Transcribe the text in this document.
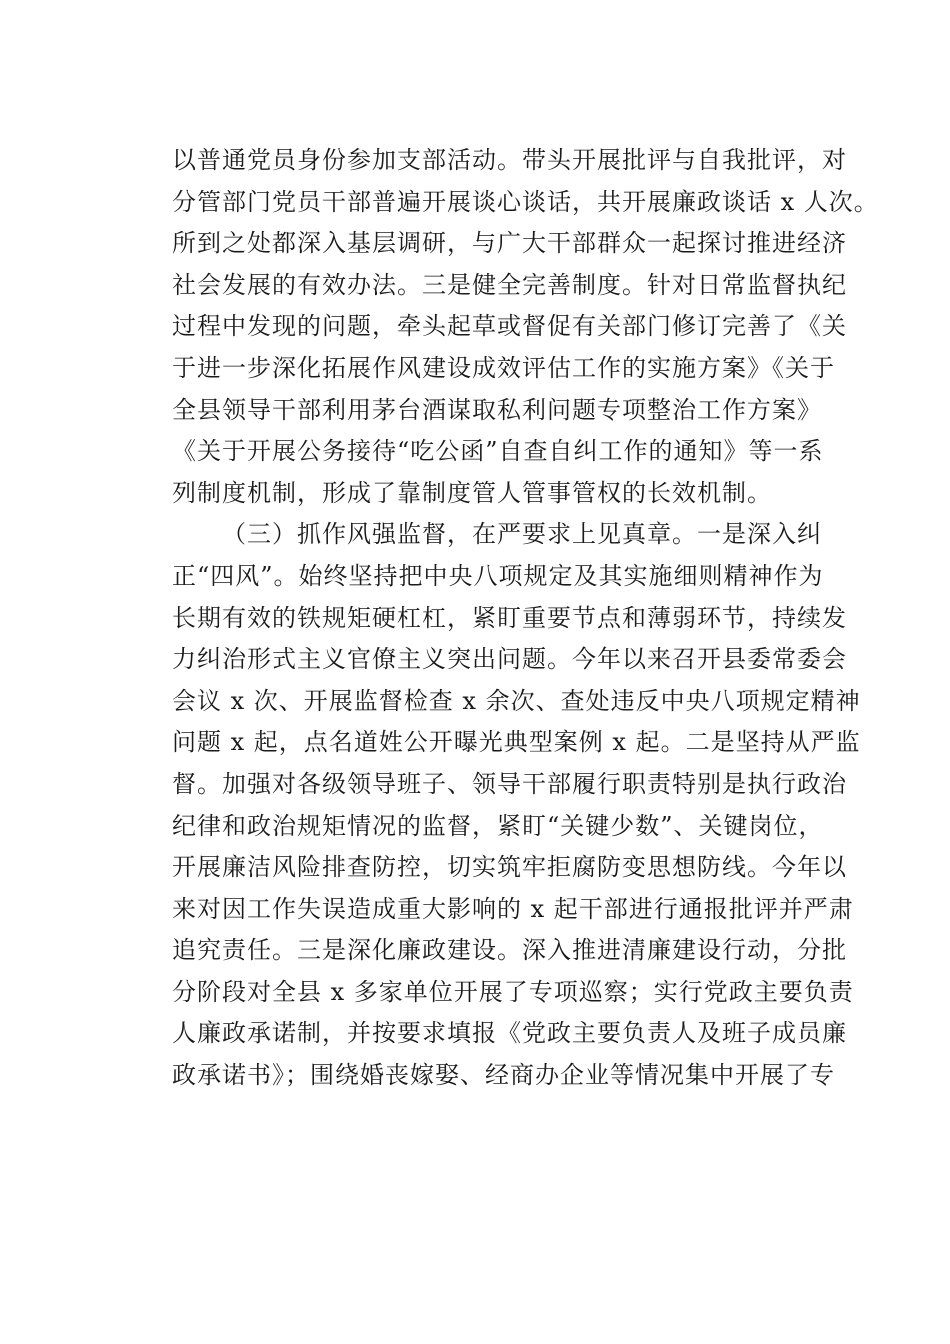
以普通党员身份参加支部活动。带头开展批评与自我批评，对
分管部门党员干部普遍开展谈心谈话，共开展廉政谈话 x 人次。
所到之处都深入基层调研，与广大干部群众一起探讨推进经济
社会发展的有效办法。三是健全完善制度。针对日常监督执纪
过程中发现的问题，牵头起草或督促有关部门修订完善了《关
于进一步深化拓展作风建设成效评估工作的实施方案》《关于
全县领导干部利用茅台酒谋取私利问题专项整治工作方案》
《关于开展公务接待“吃公函”自查自纠工作的通知》等一系
列制度机制，形成了靠制度管人管事管权的长效机制。
（三）抓作风强监督，在严要求上见真章。一是深入纠
正“四风”。始终坚持把中央八项规定及其实施细则精神作为
长期有效的铁规矩硬杠杠，紧盯重要节点和薄弱环节，持续发
力纠治形式主义官僚主义突出问题。今年以来召开县委常委会
会议 x 次、开展监督检查 x 余次、查处违反中央八项规定精神
问题 x 起，点名道姓公开曝光典型案例 x 起。二是坚持从严监
督。加强对各级领导班子、领导干部履行职责特别是执行政治
纪律和政治规矩情况的监督，紧盯“关键少数”、关键岗位，
开展廉洁风险排查防控，切实筑牢拒腐防变思想防线。今年以
来对因工作失误造成重大影响的 x 起干部进行通报批评并严肃
追究责任。三是深化廉政建设。深入推进清廉建设行动，分批
分阶段对全县 x 多家单位开展了专项巡察；实行党政主要负责
人廉政承诺制，并按要求填报《党政主要负责人及班子成员廉
政承诺书》；围绕婚丧嫁娶、经商办企业等情况集中开展了专
